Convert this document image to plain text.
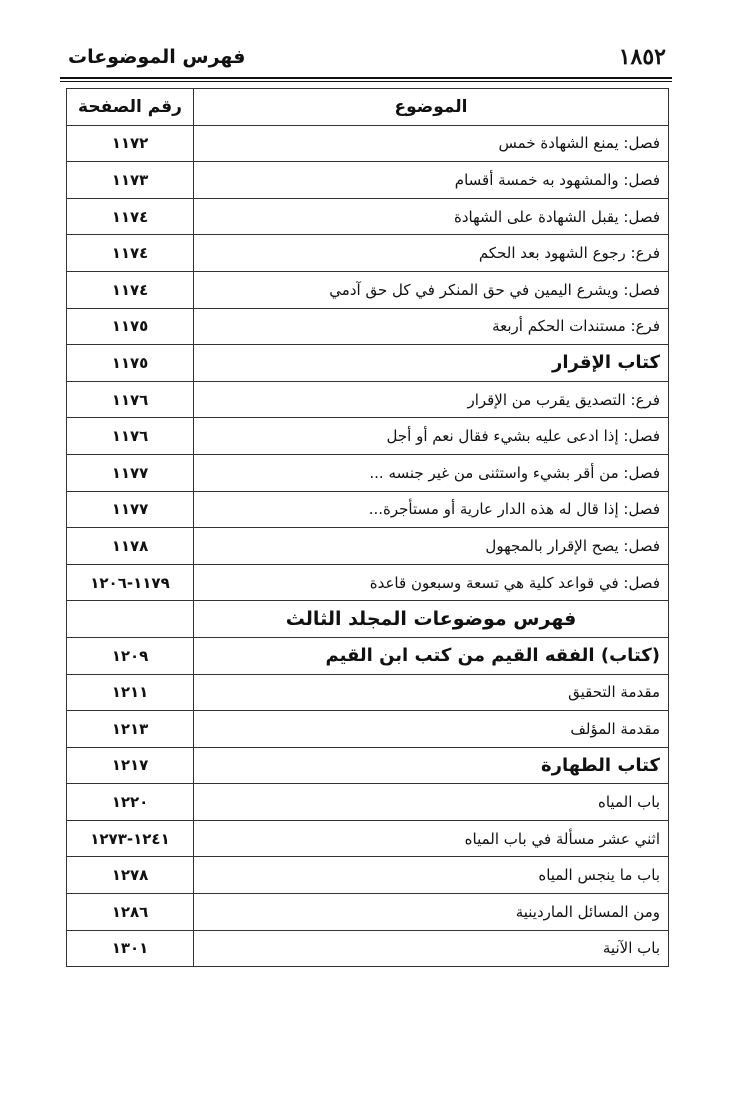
١٨٥٢
فهرس الموضوعات
الموضوع	رقم الصفحة
فصل: يمنع الشهادة خمس	١١٧٢
فصل: والمشهود به خمسة أقسام	١١٧٣
فصل: يقبل الشهادة على الشهادة	١١٧٤
فرع: رجوع الشهود بعد الحكم	١١٧٤
فصل: ويشرع اليمين في حق المنكر في كل حق آدمي	١١٧٤
فرع: مستندات الحكم أربعة	١١٧٥
كتاب الإقرار	١١٧٥
فرع: التصديق يقرب من الإقرار	١١٧٦
فصل: إذا ادعى عليه بشيء فقال نعم أو أجل	١١٧٦
فصل: من أقر بشيء واستثنى من غير جنسه ...	١١٧٧
فصل: إذا قال له هذه الدار عارية أو مستأجرة...	١١٧٧
فصل: يصح الإقرار بالمجهول	١١٧٨
فصل: في قواعد كلية هي تسعة وسبعون قاعدة	١١٧٩-١٢٠٦
فهرس موضوعات المجلد الثالث	
(كتاب) الفقه القيم من كتب ابن القيم	١٢٠٩
مقدمة التحقيق	١٢١١
مقدمة المؤلف	١٢١٣
كتاب الطهارة	١٢١٧
باب المياه	١٢٢٠
اثني عشر مسألة في باب المياه	١٢٤١-١٢٧٣
باب ما ينجس المياه	١٢٧٨
ومن المسائل الماردينية	١٢٨٦
باب الآنية	١٣٠١
